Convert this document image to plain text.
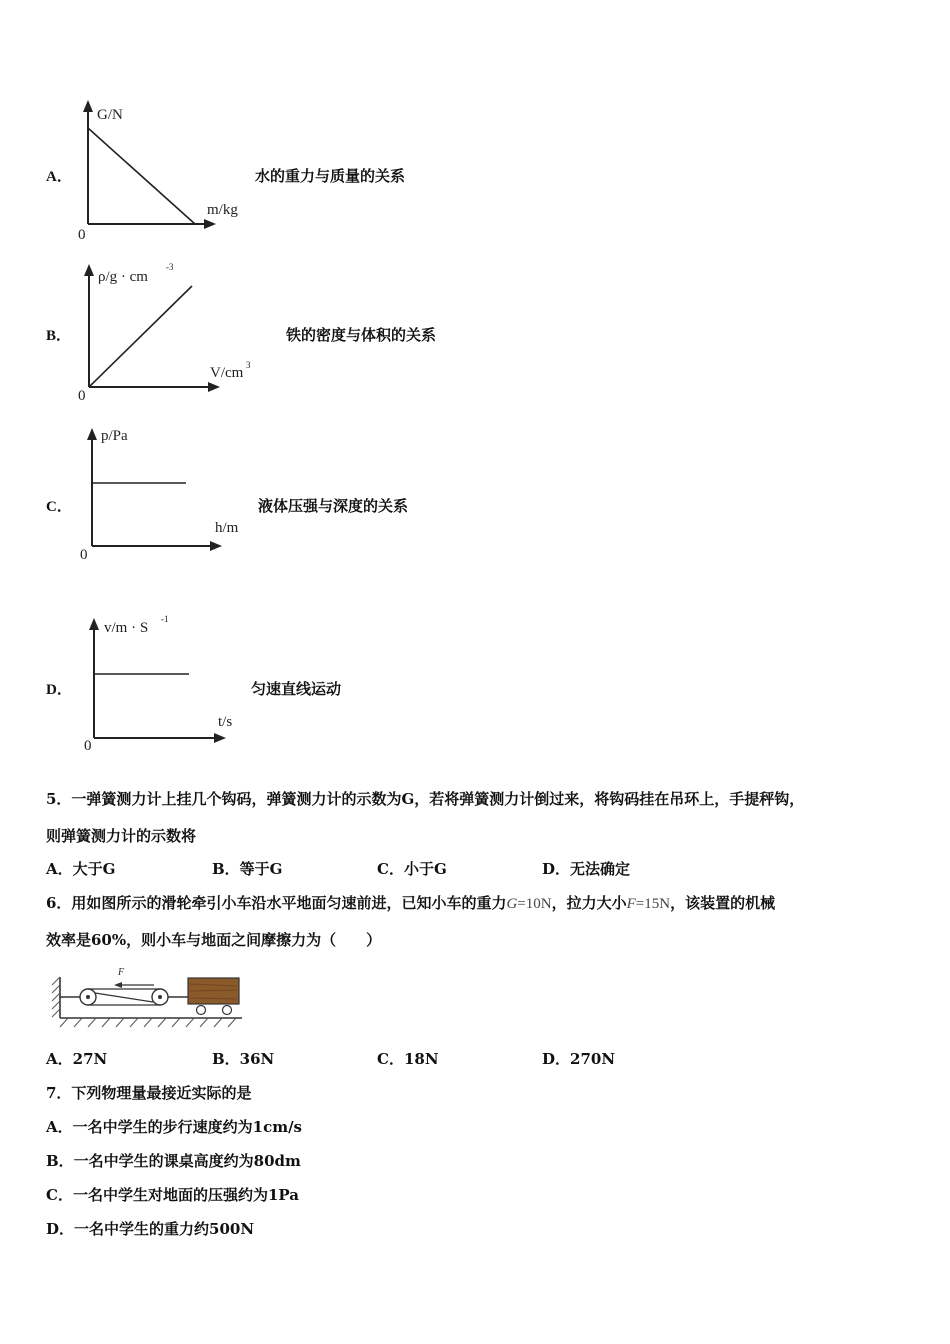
A．
G/N
m/kg
0
水的重力与质量的关系
B．
ρ/g · cm
-3
V/cm 3
0
铁的密度与体积的关系
C．
p/Pa
h/m
0
液体压强与深度的关系
D．
v/m · S
-1
t/s
0
匀速直线运动
5．一弹簧测力计上挂几个钩码，弹簧测力计的示数为G，若将弹簧测力计倒过来，将钩码挂在吊环上，手提秤钩，
则弹簧测力计的示数将
A．大于G	B．等于G	C．小于G	D．无法确定
6．用如图所示的滑轮牵引小车沿水平地面匀速前进，已知小车的重力G=10N，拉力大小F=15N，该装置的机械
效率是60%，则小车与地面之间摩擦力为（　　）
F
A．27N	B．36N	C．18N	D．270N
7．下列物理量最接近实际的是
A．一名中学生的步行速度约为1cm/s
B．一名中学生的课桌高度约为80dm
C．一名中学生对地面的压强约为1Pa
D．一名中学生的重力约500N
